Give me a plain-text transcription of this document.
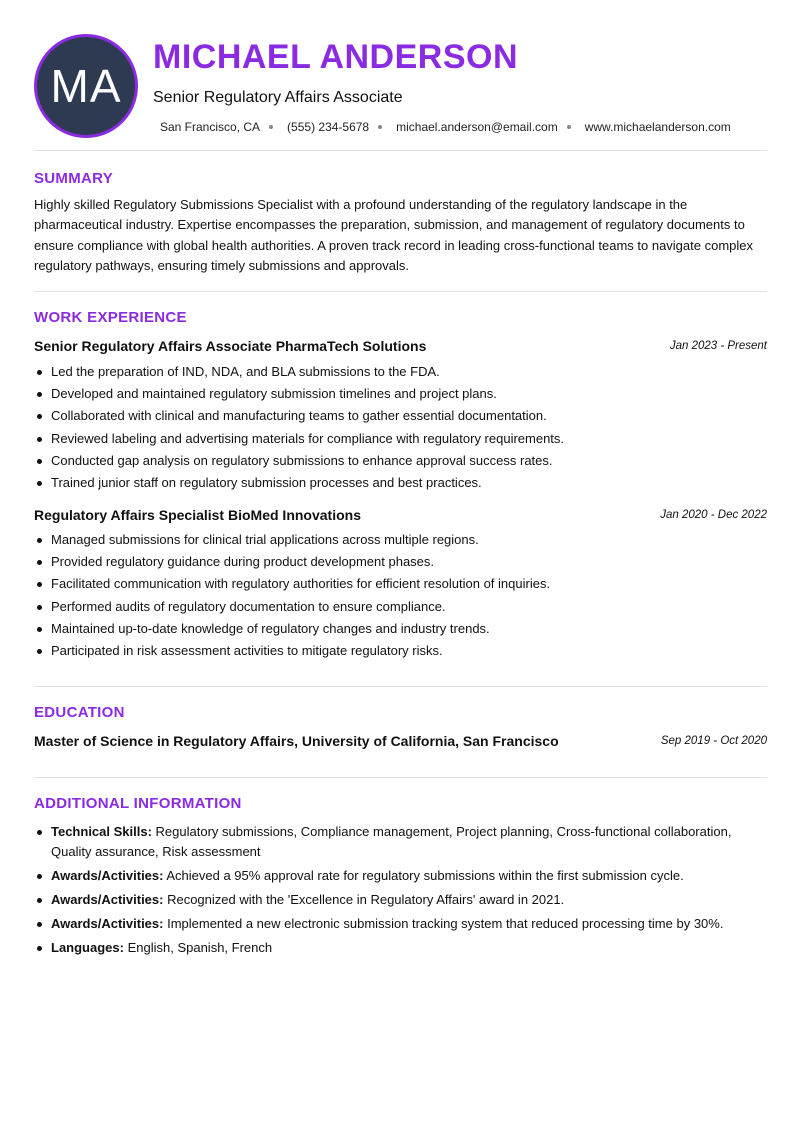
MA
MICHAEL ANDERSON
Senior Regulatory Affairs Associate
San Francisco, CA (555) 234-5678 michael.anderson@email.com www.michaelanderson.com
SUMMARY
Highly skilled Regulatory Submissions Specialist with a profound understanding of the regulatory landscape in the pharmaceutical industry. Expertise encompasses the preparation, submission, and management of regulatory documents to ensure compliance with global health authorities. A proven track record in leading cross-functional teams to navigate complex regulatory pathways, ensuring timely submissions and approvals.
WORK EXPERIENCE
Senior Regulatory Affairs Associate PharmaTech Solutions	Jan 2023 - Present
Led the preparation of IND, NDA, and BLA submissions to the FDA.
Developed and maintained regulatory submission timelines and project plans.
Collaborated with clinical and manufacturing teams to gather essential documentation.
Reviewed labeling and advertising materials for compliance with regulatory requirements.
Conducted gap analysis on regulatory submissions to enhance approval success rates.
Trained junior staff on regulatory submission processes and best practices.
Regulatory Affairs Specialist BioMed Innovations	Jan 2020 - Dec 2022
Managed submissions for clinical trial applications across multiple regions.
Provided regulatory guidance during product development phases.
Facilitated communication with regulatory authorities for efficient resolution of inquiries.
Performed audits of regulatory documentation to ensure compliance.
Maintained up-to-date knowledge of regulatory changes and industry trends.
Participated in risk assessment activities to mitigate regulatory risks.
EDUCATION
Master of Science in Regulatory Affairs, University of California, San Francisco	Sep 2019 - Oct 2020
ADDITIONAL INFORMATION
Technical Skills: Regulatory submissions, Compliance management, Project planning, Cross-functional collaboration, Quality assurance, Risk assessment
Awards/Activities: Achieved a 95% approval rate for regulatory submissions within the first submission cycle.
Awards/Activities: Recognized with the 'Excellence in Regulatory Affairs' award in 2021.
Awards/Activities: Implemented a new electronic submission tracking system that reduced processing time by 30%.
Languages: English, Spanish, French
